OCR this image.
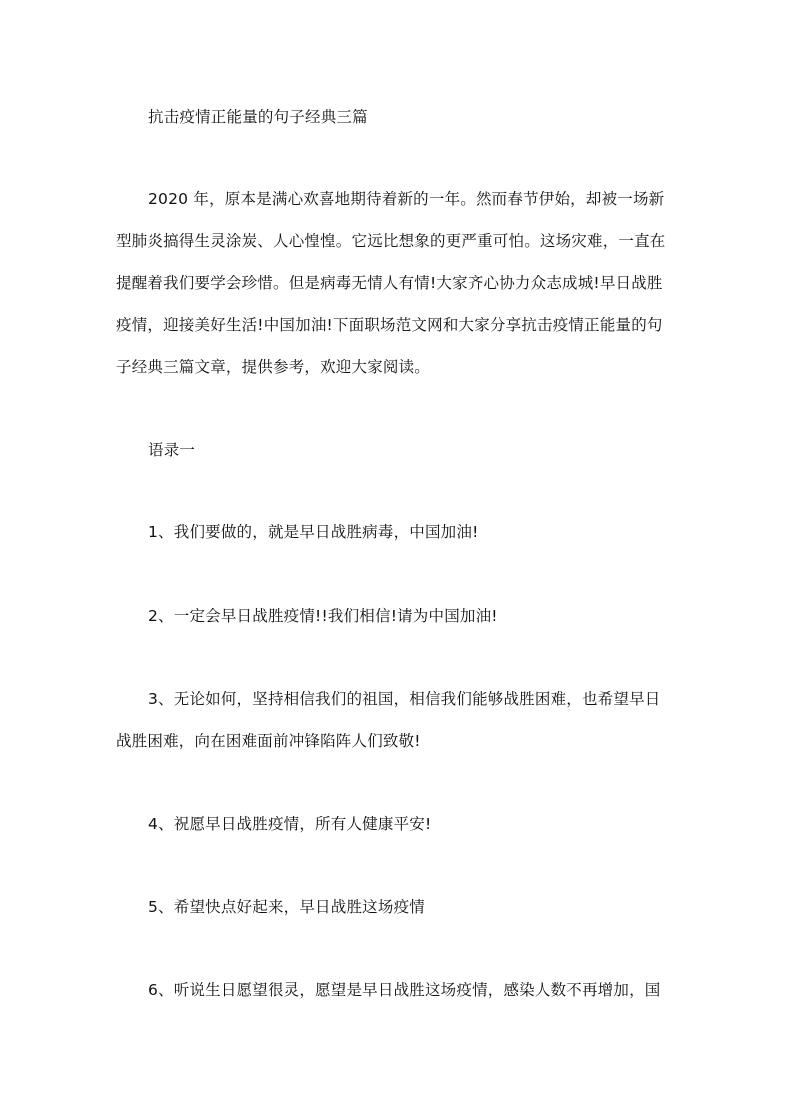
抗击疫情正能量的句子经典三篇
2020 年，原本是满心欢喜地期待着新的一年。然而春节伊始，却被一场新
型肺炎搞得生灵涂炭、人心惶惶。它远比想象的更严重可怕。这场灾难，一直在
提醒着我们要学会珍惜。但是病毒无情人有情!大家齐心协力众志成城!早日战胜
疫情，迎接美好生活!中国加油!下面职场范文网和大家分享抗击疫情正能量的句
子经典三篇文章，提供参考，欢迎大家阅读。
语录一
1、我们要做的，就是早日战胜病毒，中国加油!
2、一定会早日战胜疫情!!我们相信!请为中国加油!
3、无论如何，坚持相信我们的祖国，相信我们能够战胜困难，也希望早日
战胜困难，向在困难面前冲锋陷阵人们致敬!
4、祝愿早日战胜疫情，所有人健康平安!
5、希望快点好起来，早日战胜这场疫情
6、听说生日愿望很灵，愿望是早日战胜这场疫情，感染人数不再增加，国
